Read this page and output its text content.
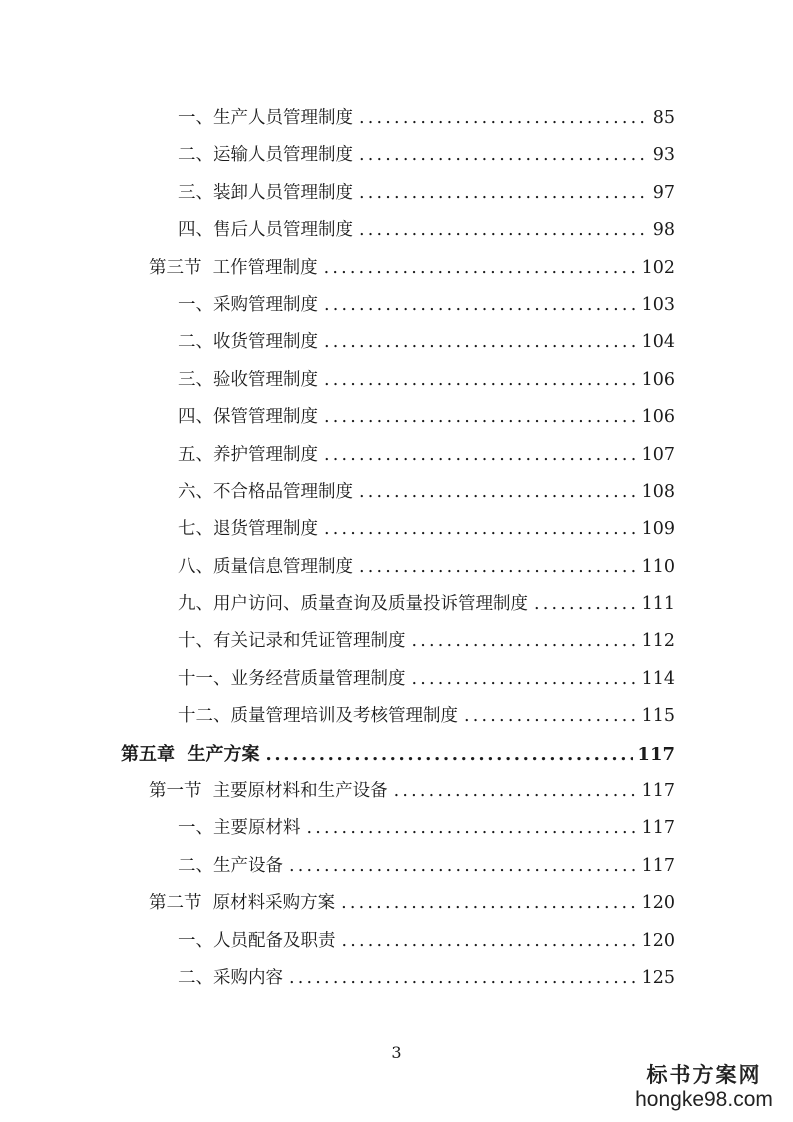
一、生产人员管理制度 .....	85
二、运输人员管理制度 .....	93
三、装卸人员管理制度 .....	97
四、售后人员管理制度 .....	98
第三节  工作管理制度 .....	102
一、采购管理制度 .....	103
二、收货管理制度 .....	104
三、验收管理制度 .....	106
四、保管管理制度 .....	106
五、养护管理制度 .....	107
六、不合格品管理制度 .....	108
七、退货管理制度 .....	109
八、质量信息管理制度 .....	110
九、用户访问、质量查询及质量投诉管理制度 .....	111
十、有关记录和凭证管理制度 .....	112
十一、业务经营质量管理制度 .....	114
十二、质量管理培训及考核管理制度 .....	115
第五章  生产方案 .....	117
第一节  主要原材料和生产设备 .....	117
一、主要原材料 .....	117
二、生产设备 .....	117
第二节  原材料采购方案 .....	120
一、人员配备及职责 .....	120
二、采购内容 .....	125
3
标书方案网
hongke98.com
